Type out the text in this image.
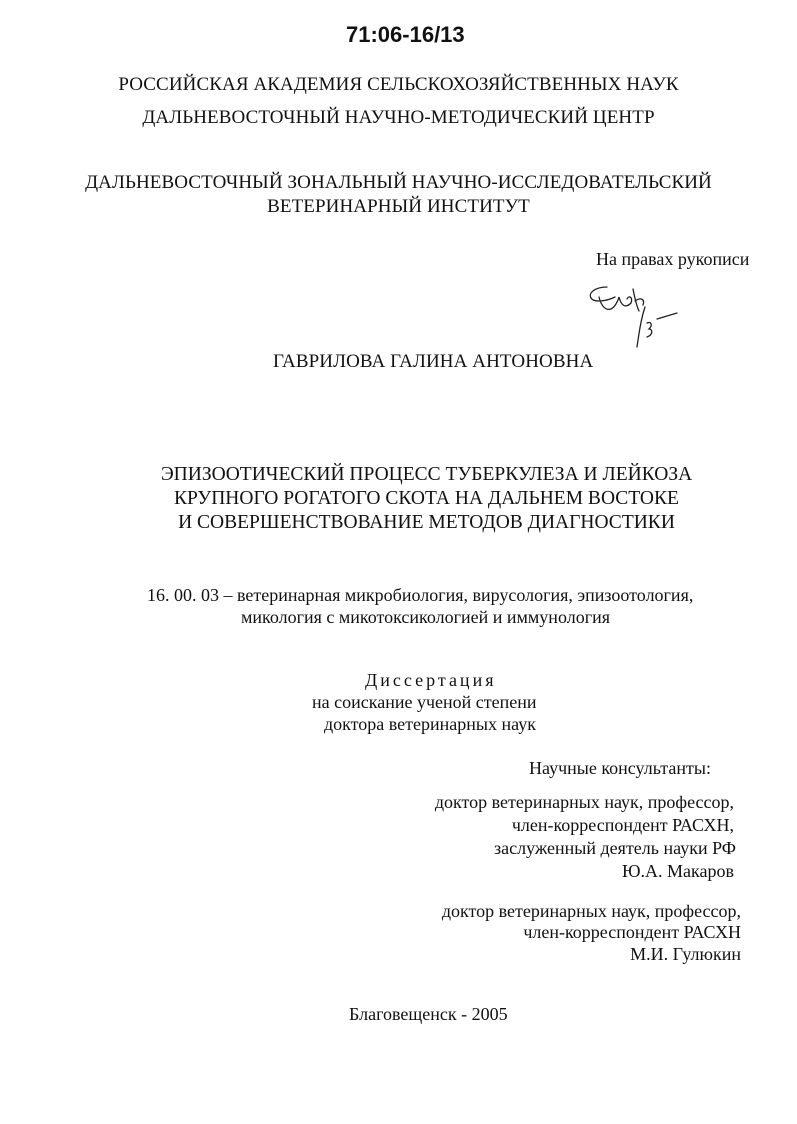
71:06-16/13
РОССИЙСКАЯ АКАДЕМИЯ СЕЛЬСКОХОЗЯЙСТВЕННЫХ НАУК
ДАЛЬНЕВОСТОЧНЫЙ НАУЧНО-МЕТОДИЧЕСКИЙ ЦЕНТР
ДАЛЬНЕВОСТОЧНЫЙ ЗОНАЛЬНЫЙ НАУЧНО-ИССЛЕДОВАТЕЛЬСКИЙ
ВЕТЕРИНАРНЫЙ ИНСТИТУТ
На правах рукописи
ГАВРИЛОВА ГАЛИНА АНТОНОВНА
ЭПИЗООТИЧЕСКИЙ ПРОЦЕСС ТУБЕРКУЛЕЗА И ЛЕЙКОЗА
КРУПНОГО РОГАТОГО СКОТА НА ДАЛЬНЕМ ВОСТОКЕ
И СОВЕРШЕНСТВОВАНИЕ МЕТОДОВ ДИАГНОСТИКИ
16. 00. 03 – ветеринарная микробиология, вирусология, эпизоотология,
микология с микотоксикологией и иммунология
Диссертация
на соискание ученой степени
доктора ветеринарных наук
Научные консультанты:
доктор ветеринарных наук, профессор,
член-корреспондент РАСХН,
заслуженный деятель науки РФ
Ю.А. Макаров
доктор ветеринарных наук, профессор,
член-корреспондент РАСХН
М.И. Гулюкин
Благовещенск - 2005
